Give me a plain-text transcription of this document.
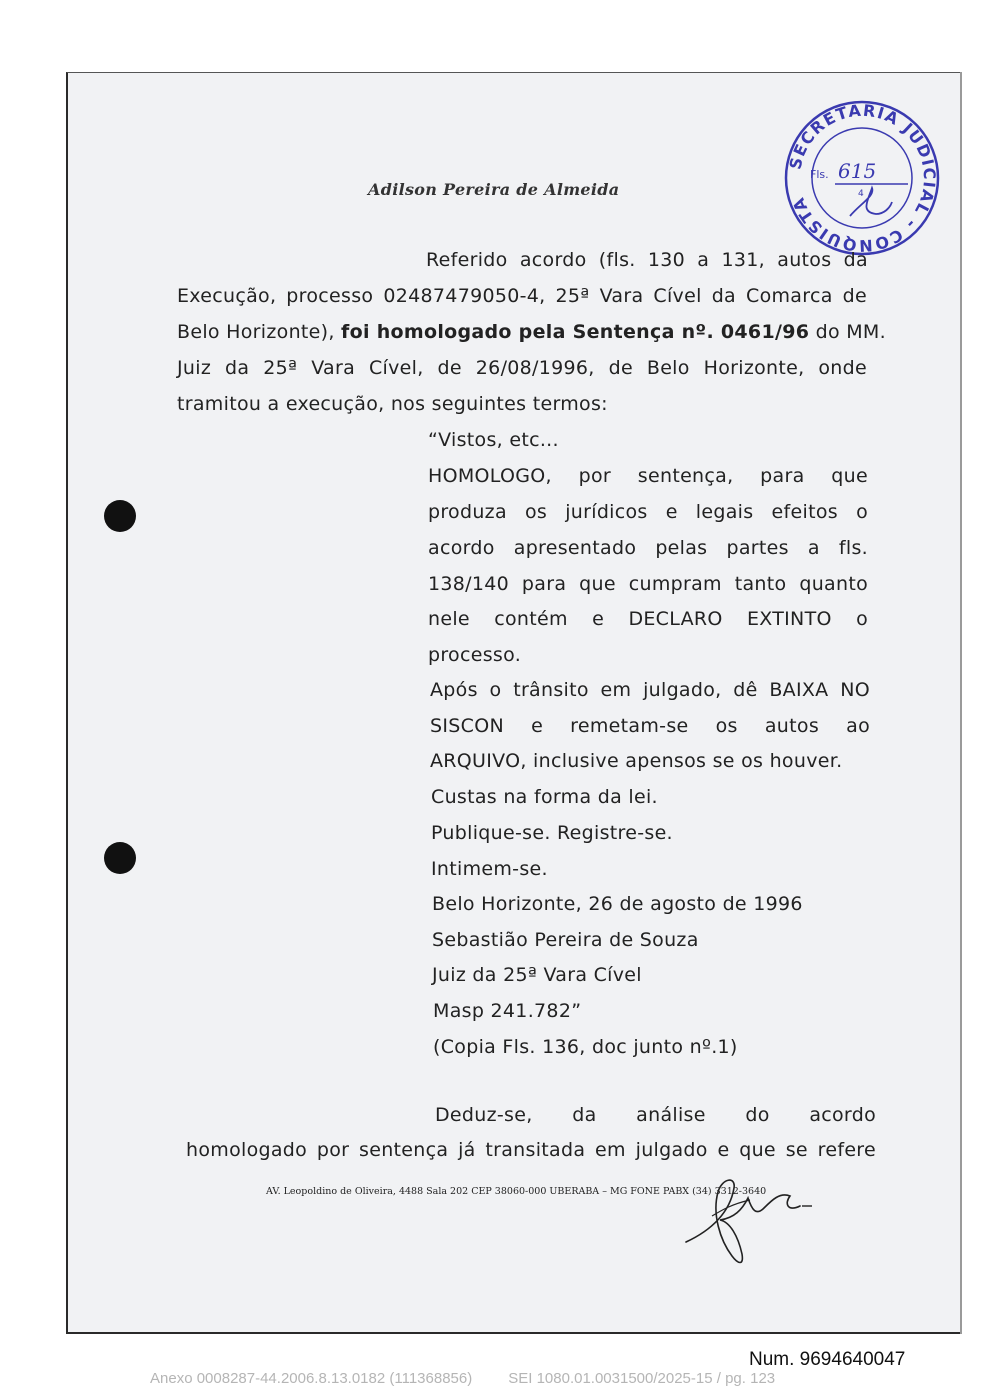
Adilson Pereira de Almeida
SECRETARIA JUDICIAL - CONQUISTA
Fls. 615
4
Referido acordo (fls. 130 a 131, autos da
Execução, processo 02487479050-4, 25ª Vara Cível da Comarca de
Belo Horizonte), foi homologado pela Sentença nº. 0461/96 do MM.
Juiz da 25ª Vara Cível, de 26/08/1996, de Belo Horizonte, onde
tramitou a execução, nos seguintes termos:
“Vistos, etc...
HOMOLOGO, por sentença, para que
produza os jurídicos e legais efeitos o
acordo apresentado pelas partes a fls.
138/140 para que cumpram tanto quanto
nele contém e DECLARO EXTINTO o
processo.
Após o trânsito em julgado, dê BAIXA NO
SISCON e remetam-se os autos ao
ARQUIVO, inclusive apensos se os houver.
Custas na forma da lei.
Publique-se. Registre-se.
Intimem-se.
Belo Horizonte, 26 de agosto de 1996
Sebastião Pereira de Souza
Juiz da 25ª Vara Cível
Masp 241.782”
(Copia Fls. 136, doc junto nº.1)
Deduz-se, da análise do acordo
homologado por sentença já transitada em julgado e que se refere
AV. Leopoldino de Oliveira, 4488 Sala 202 CEP 38060-000 UBERABA – MG FONE PABX (34) 3312-3640
Num. 9694640047
Anexo 0008287-44.2006.8.13.0182 (111368856) SEI 1080.01.0031500/2025-15 / pg. 123
